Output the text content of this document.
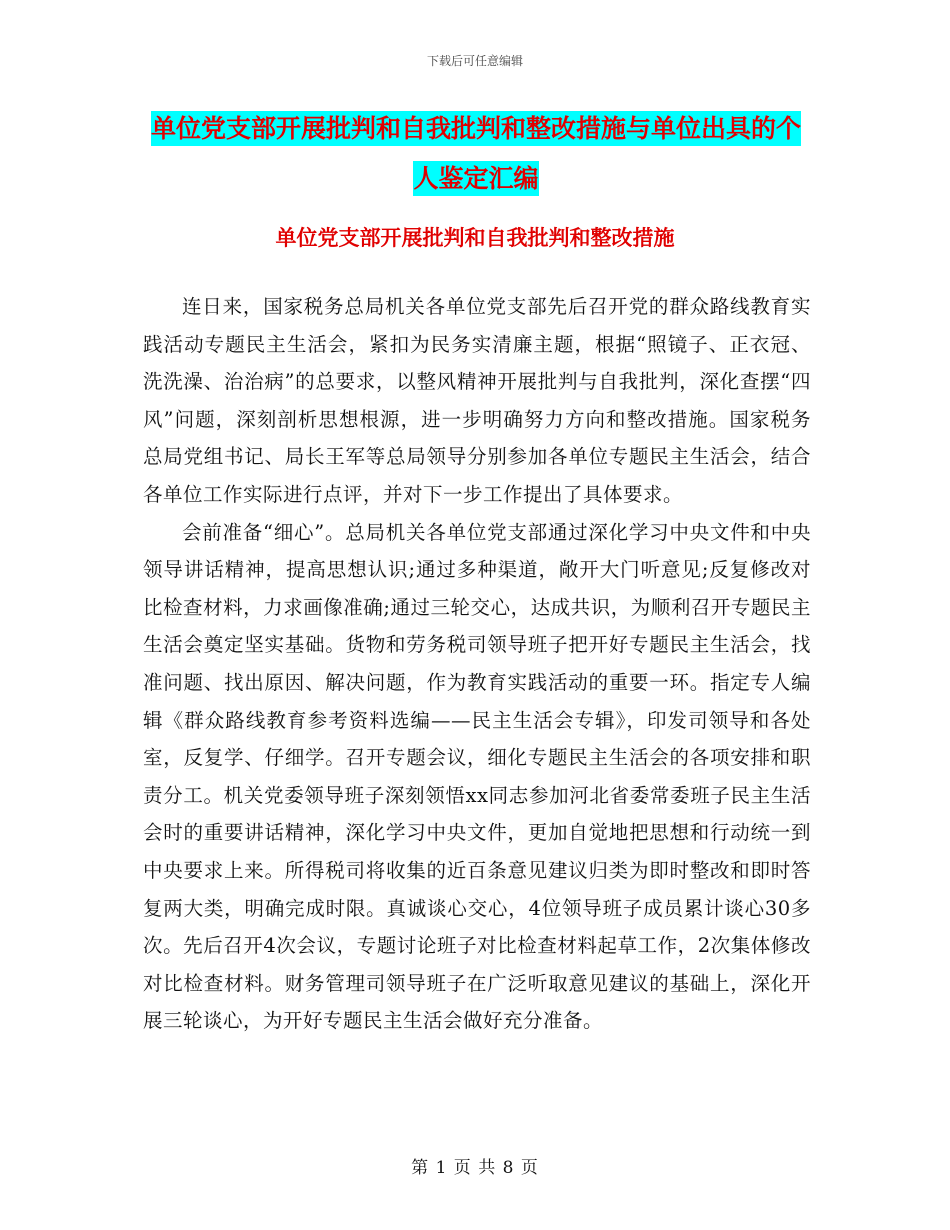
下载后可任意编辑
单位党支部开展批判和自我批判和整改措施与单位出具的个人鉴定汇编
单位党支部开展批判和自我批判和整改措施

连日来，国家税务总局机关各单位党支部先后召开党的群众路线教育实践活动专题民主生活会，紧扣为民务实清廉主题，根据“照镜子、正衣冠、洗洗澡、治治病”的总要求，以整风精神开展批判与自我批判，深化查摆“四风”问题，深刻剖析思想根源，进一步明确努力方向和整改措施。国家税务总局党组书记、局长王军等总局领导分别参加各单位专题民主生活会，结合各单位工作实际进行点评，并对下一步工作提出了具体要求。

会前准备“细心”。总局机关各单位党支部通过深化学习中央文件和中央领导讲话精神，提高思想认识;通过多种渠道，敞开大门听意见;反复修改对比检查材料，力求画像准确;通过三轮交心，达成共识，为顺利召开专题民主生活会奠定坚实基础。货物和劳务税司领导班子把开好专题民主生活会，找准问题、找出原因、解决问题，作为教育实践活动的重要一环。指定专人编辑《群众路线教育参考资料选编——民主生活会专辑》，印发司领导和各处室，反复学、仔细学。召开专题会议，细化专题民主生活会的各项安排和职责分工。机关党委领导班子深刻领悟xx同志参加河北省委常委班子民主生活会时的重要讲话精神，深化学习中央文件，更加自觉地把思想和行动统一到中央要求上来。所得税司将收集的近百条意见建议归类为即时整改和即时答复两大类，明确完成时限。真诚谈心交心，4位领导班子成员累计谈心30多次。先后召开4次会议，专题讨论班子对比检查材料起草工作，2次集体修改对比检查材料。财务管理司领导班子在广泛听取意见建议的基础上，深化开展三轮谈心，为开好专题民主生活会做好充分准备。

第 1 页 共 8 页
